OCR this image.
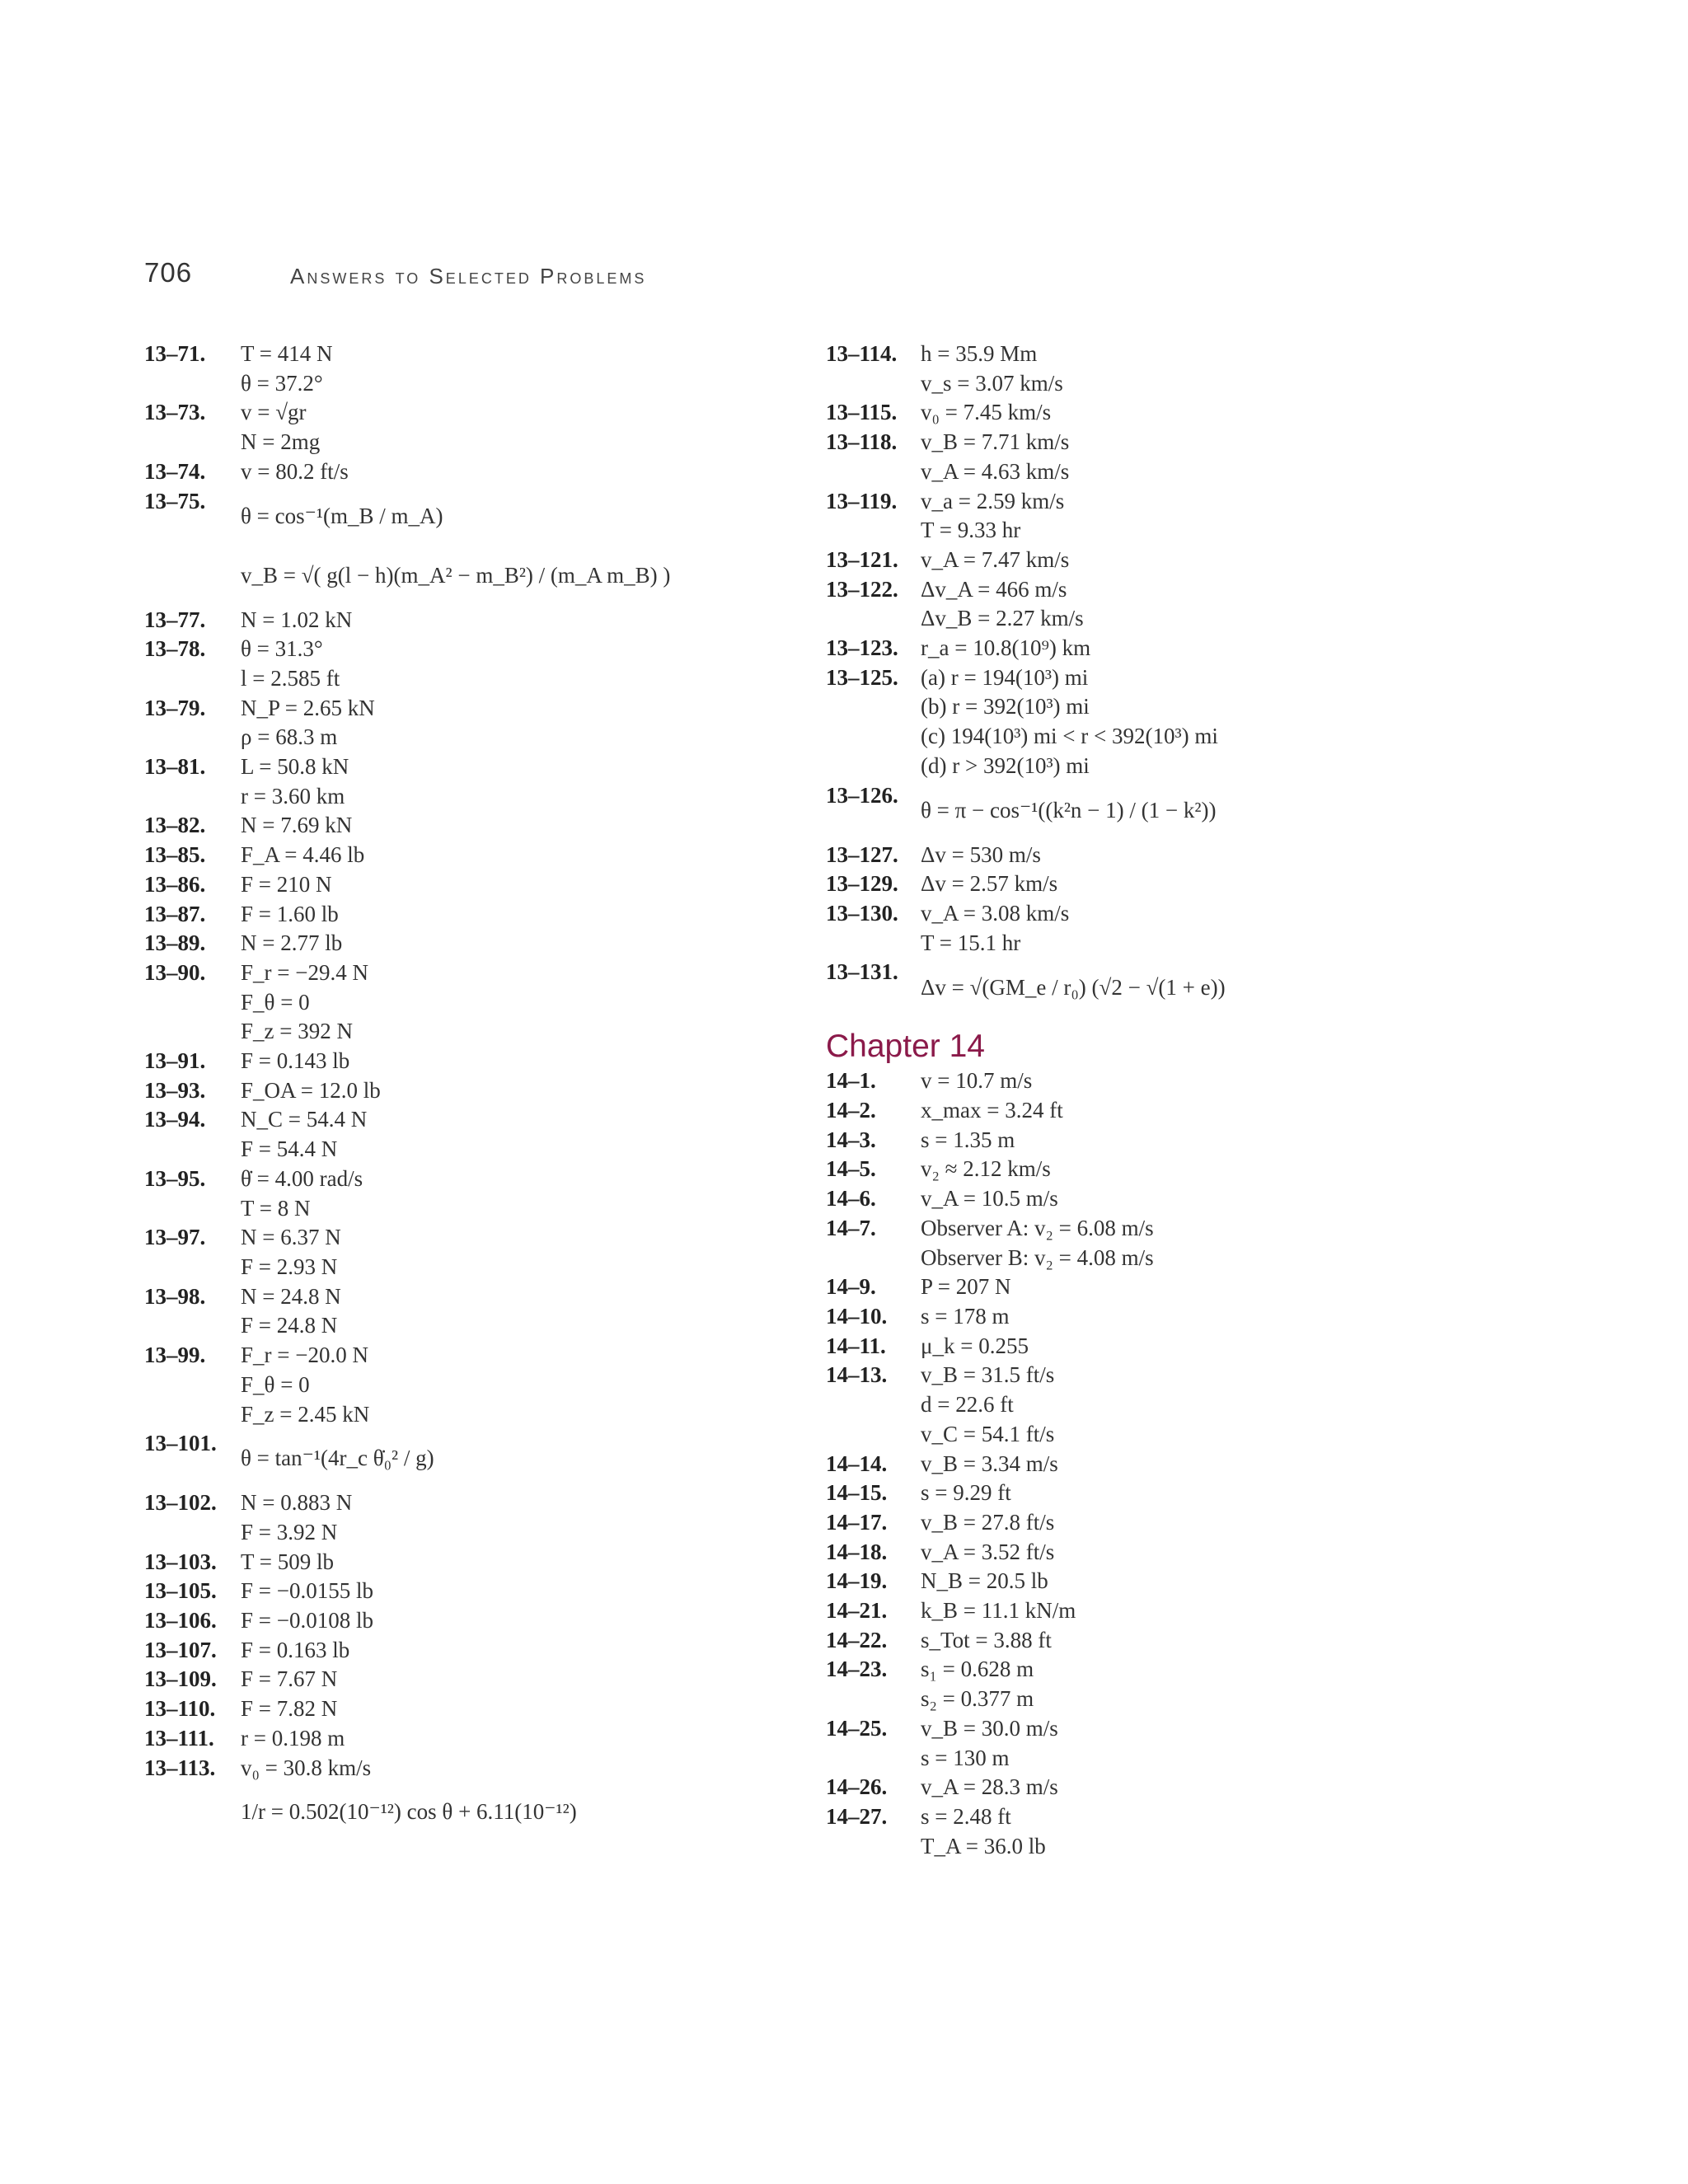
706	Answers to Selected Problems
13–71.	T = 414 N
θ = 37.2°
13–73.	v = √gr
N = 2mg
13–74.	v = 80.2 ft/s
13–75.
θ = cos⁻¹(m_B / m_A)
v_B = √( g(l − h)(m_A² − m_B²) / (m_A m_B) )
13–77.	N = 1.02 kN
13–78.	θ = 31.3°
l = 2.585 ft
13–79.	N_P = 2.65 kN
ρ = 68.3 m
13–81.	L = 50.8 kN
r = 3.60 km
13–82.	N = 7.69 kN
13–85.	F_A = 4.46 lb
13–86.	F = 210 N
13–87.	F = 1.60 lb
13–89.	N = 2.77 lb
13–90.	F_r = −29.4 N
F_θ = 0
F_z = 392 N
13–91.	F = 0.143 lb
13–93.	F_OA = 12.0 lb
13–94.	N_C = 54.4 N
F = 54.4 N
13–95.	θ̇ = 4.00 rad/s
T = 8 N
13–97.	N = 6.37 N
F = 2.93 N
13–98.	N = 24.8 N
F = 24.8 N
13–99.	F_r = −20.0 N
F_θ = 0
F_z = 2.45 kN
13–101.
θ = tan⁻¹(4r_c θ̇₀² / g)
13–102.	N = 0.883 N
F = 3.92 N
13–103.	T = 509 lb
13–105.	F = −0.0155 lb
13–106.	F = −0.0108 lb
13–107.	F = 0.163 lb
13–109.	F = 7.67 N
13–110.	F = 7.82 N
13–111.	r = 0.198 m
13–113.	v₀ = 30.8 km/s
1/r = 0.502(10⁻¹²) cos θ + 6.11(10⁻¹²)
13–114.	h = 35.9 Mm
v_s = 3.07 km/s
13–115.	v₀ = 7.45 km/s
13–118.	v_B = 7.71 km/s
v_A = 4.63 km/s
13–119.	v_a = 2.59 km/s
T = 9.33 hr
13–121.	v_A = 7.47 km/s
13–122.	Δv_A = 466 m/s
Δv_B = 2.27 km/s
13–123.	r_a = 10.8(10⁹) km
13–125.	(a) r = 194(10³) mi
(b) r = 392(10³) mi
(c) 194(10³) mi < r < 392(10³) mi
(d) r > 392(10³) mi
13–126.
θ = π − cos⁻¹((k²n − 1) / (1 − k²))
13–127.	Δv = 530 m/s
13–129.	Δv = 2.57 km/s
13–130.	v_A = 3.08 km/s
T = 15.1 hr
13–131.
Δv = √(GM_e / r₀) (√2 − √(1 + e))
Chapter 14
14–1.	v = 10.7 m/s
14–2.	x_max = 3.24 ft
14–3.	s = 1.35 m
14–5.	v₂ ≈ 2.12 km/s
14–6.	v_A = 10.5 m/s
14–7.	Observer A: v₂ = 6.08 m/s
Observer B: v₂ = 4.08 m/s
14–9.	P = 207 N
14–10.	s = 178 m
14–11.	μ_k = 0.255
14–13.	v_B = 31.5 ft/s
d = 22.6 ft
v_C = 54.1 ft/s
14–14.	v_B = 3.34 m/s
14–15.	s = 9.29 ft
14–17.	v_B = 27.8 ft/s
14–18.	v_A = 3.52 ft/s
14–19.	N_B = 20.5 lb
14–21.	k_B = 11.1 kN/m
14–22.	s_Tot = 3.88 ft
14–23.	s₁ = 0.628 m
s₂ = 0.377 m
14–25.	v_B = 30.0 m/s
s = 130 m
14–26.	v_A = 28.3 m/s
14–27.	s = 2.48 ft
T_A = 36.0 lb
